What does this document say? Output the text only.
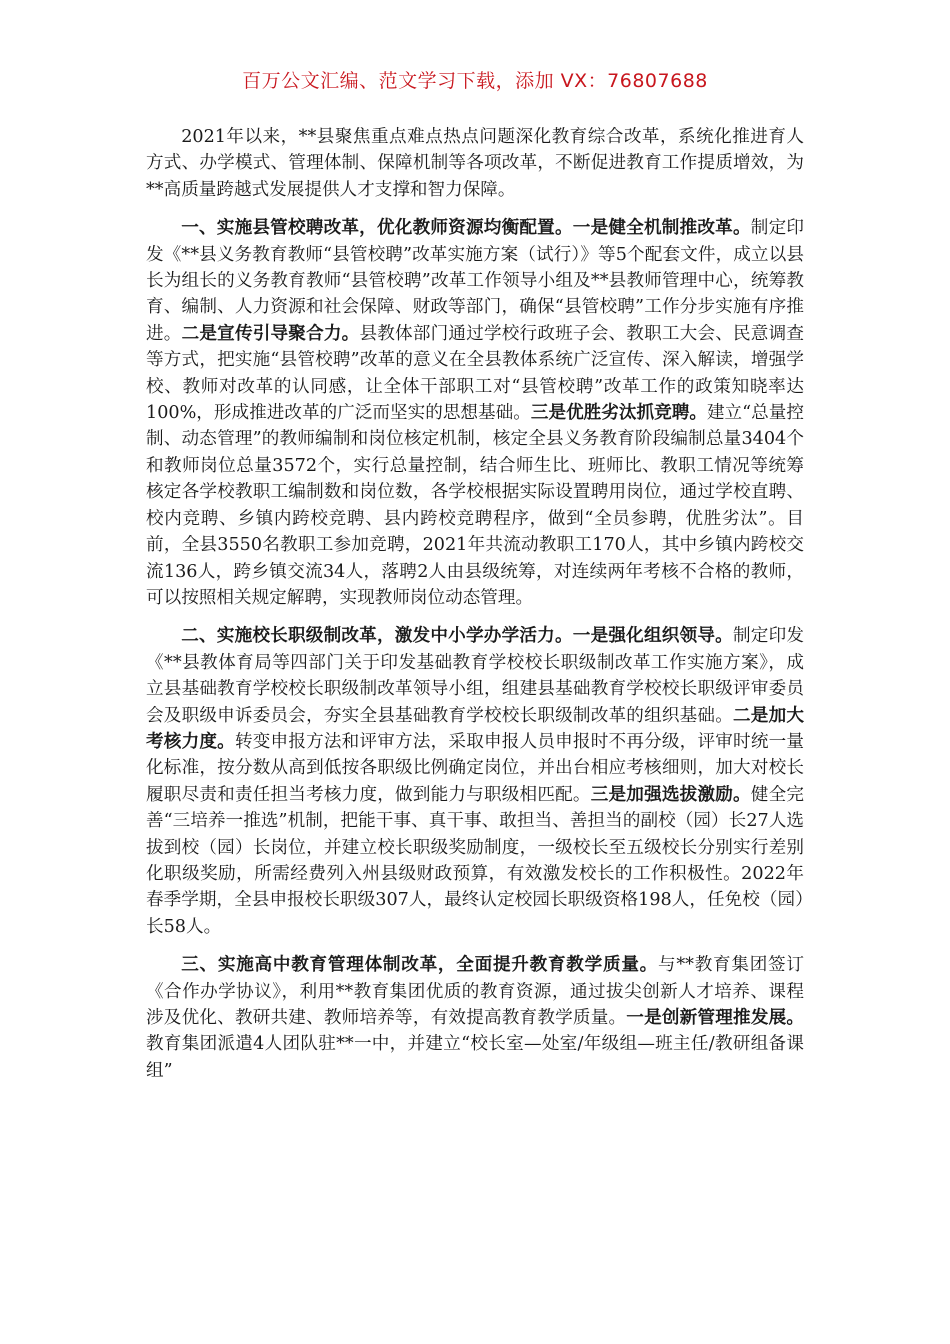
百万公文汇编、范文学习下载，添加 VX：76807688

2021年以来，**县聚焦重点难点热点问题深化教育综合改革，系统化推进育人方式、办学模式、管理体制、保障机制等各项改革，不断促进教育工作提质增效，为**高质量跨越式发展提供人才支撑和智力保障。

一、实施县管校聘改革，优化教师资源均衡配置。一是健全机制推改革。制定印发《**县义务教育教师“县管校聘”改革实施方案（试行）》等5个配套文件，成立以县长为组长的义务教育教师“县管校聘”改革工作领导小组及**县教师管理中心，统筹教育、编制、人力资源和社会保障、财政等部门，确保“县管校聘”工作分步实施有序推进。二是宣传引导聚合力。县教体部门通过学校行政班子会、教职工大会、民意调查等方式，把实施“县管校聘”改革的意义在全县教体系统广泛宣传、深入解读，增强学校、教师对改革的认同感，让全体干部职工对“县管校聘”改革工作的政策知晓率达100%，形成推进改革的广泛而坚实的思想基础。三是优胜劣汰抓竞聘。建立“总量控制、动态管理”的教师编制和岗位核定机制，核定全县义务教育阶段编制总量3404个和教师岗位总量3572个，实行总量控制，结合师生比、班师比、教职工情况等统筹核定各学校教职工编制数和岗位数，各学校根据实际设置聘用岗位，通过学校直聘、校内竞聘、乡镇内跨校竞聘、县内跨校竞聘程序，做到“全员参聘，优胜劣汰”。目前，全县3550名教职工参加竞聘，2021年共流动教职工170人，其中乡镇内跨校交流136人，跨乡镇交流34人，落聘2人由县级统筹，对连续两年考核不合格的教师，可以按照相关规定解聘，实现教师岗位动态管理。

二、实施校长职级制改革，激发中小学办学活力。一是强化组织领导。制定印发《**县教体育局等四部门关于印发基础教育学校校长职级制改革工作实施方案》，成立县基础教育学校校长职级制改革领导小组，组建县基础教育学校校长职级评审委员会及职级申诉委员会，夯实全县基础教育学校校长职级制改革的组织基础。二是加大考核力度。转变申报方法和评审方法，采取申报人员申报时不再分级，评审时统一量化标准，按分数从高到低按各职级比例确定岗位，并出台相应考核细则，加大对校长履职尽责和责任担当考核力度，做到能力与职级相匹配。三是加强选拔激励。健全完善“三培养一推选”机制，把能干事、真干事、敢担当、善担当的副校（园）长27人选拔到校（园）长岗位，并建立校长职级奖励制度，一级校长至五级校长分别实行差别化职级奖励，所需经费列入州县级财政预算，有效激发校长的工作积极性。2022年春季学期，全县申报校长职级307人，最终认定校园长职级资格198人，任免校（园）长58人。

三、实施高中教育管理体制改革，全面提升教育教学质量。与**教育集团签订《合作办学协议》，利用**教育集团优质的教育资源，通过拔尖创新人才培养、课程涉及优化、教研共建、教师培养等，有效提高教育教学质量。一是创新管理推发展。教育集团派遣4人团队驻**一中，并建立“校长室—处室/年级组—班主任/教研组备课组”
